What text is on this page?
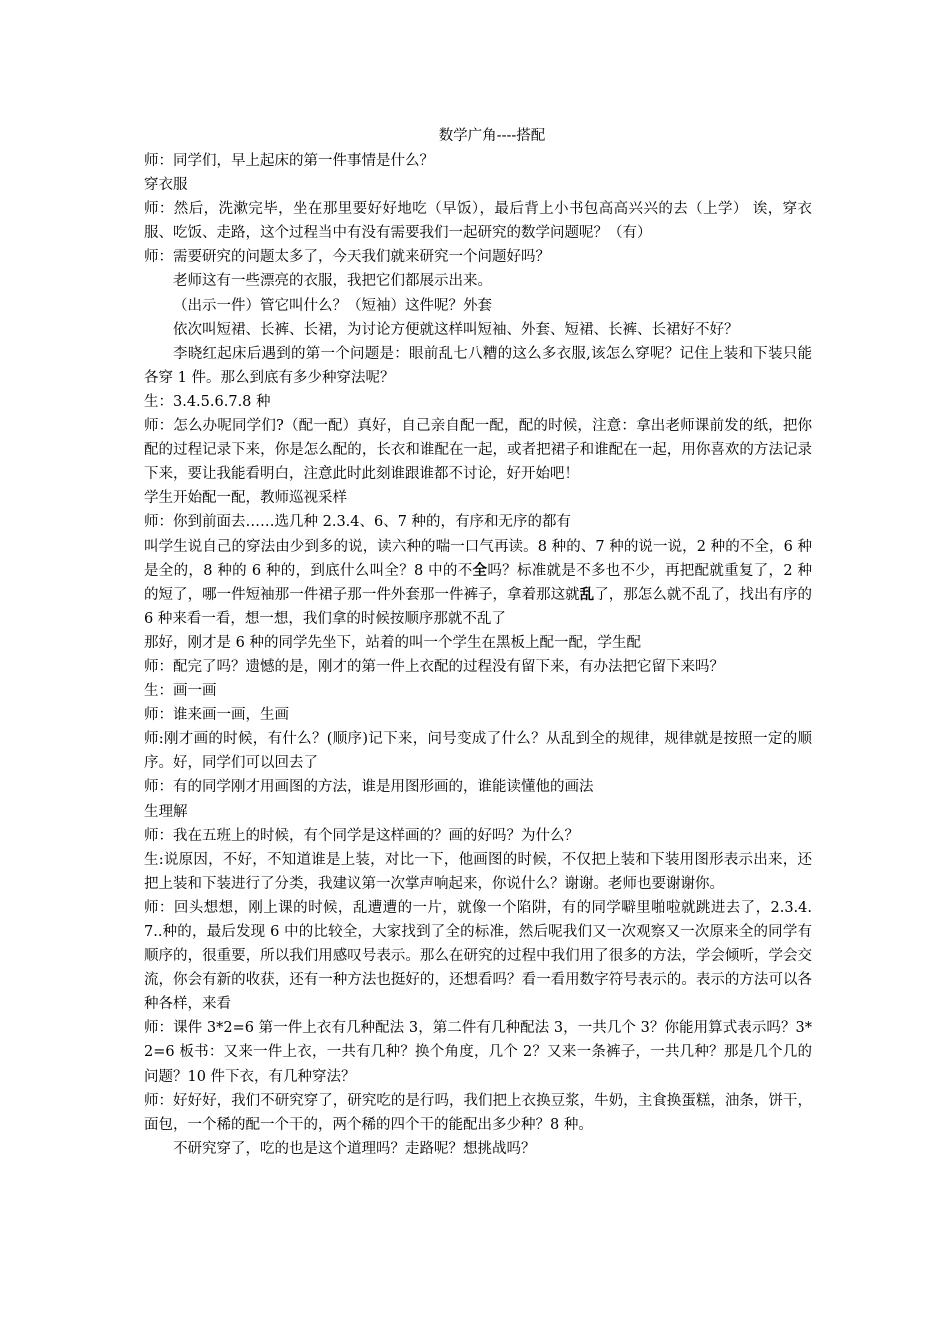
数学广角----搭配

师：同学们，早上起床的第一件事情是什么？

穿衣服

师：然后，洗漱完毕，坐在那里要好好地吃（早饭），最后背上小书包高高兴兴的去（上学） 诶，穿衣服、吃饭、走路，这个过程当中有没有需要我们一起研究的数学问题呢？（有）

师：需要研究的问题太多了，今天我们就来研究一个问题好吗？

老师这有一些漂亮的衣服，我把它们都展示出来。

（出示一件）管它叫什么？（短袖）这件呢？外套

依次叫短裙、长裤、长裙，为讨论方便就这样叫短袖、外套、短裙、长裤、长裙好不好？

李晓红起床后遇到的第一个问题是：眼前乱七八糟的这么多衣服,该怎么穿呢？记住上装和下装只能各穿 1 件。那么到底有多少种穿法呢？

生：3.4.5.6.7.8 种

师：怎么办呢同学们?（配一配）真好，自己亲自配一配，配的时候，注意：拿出老师课前发的纸，把你配的过程记录下来，你是怎么配的，长衣和谁配在一起，或者把裙子和谁配在一起，用你喜欢的方法记录下来，要让我能看明白，注意此时此刻谁跟谁都不讨论，好开始吧！

学生开始配一配，教师巡视采样

师：你到前面去……选几种 2.3.4、6、7 种的，有序和无序的都有

叫学生说自己的穿法由少到多的说，读六种的喘一口气再读。8 种的、7 种的说一说，2 种的不全，6 种是全的，8 种的 6 种的，到底什么叫全？8 中的不全吗？标准就是不多也不少，再把配就重复了，2 种的短了，哪一件短袖那一件裙子那一件外套那一件裤子，拿着那这就乱了，那怎么就不乱了，找出有序的 6 种来看一看，想一想，我们拿的时候按顺序那就不乱了

那好，刚才是 6 种的同学先坐下，站着的叫一个学生在黑板上配一配，学生配

师：配完了吗？遗憾的是，刚才的第一件上衣配的过程没有留下来，有办法把它留下来吗？

生：画一画

师：谁来画一画，生画

师:刚才画的时候，有什么？(顺序)记下来，问号变成了什么？从乱到全的规律，规律就是按照一定的顺序。好，同学们可以回去了

师：有的同学刚才用画图的方法，谁是用图形画的，谁能读懂他的画法

生理解

师：我在五班上的时候，有个同学是这样画的？画的好吗？为什么？

生:说原因，不好，不知道谁是上装，对比一下，他画图的时候，不仅把上装和下装用图形表示出来，还把上装和下装进行了分类，我建议第一次掌声响起来，你说什么？谢谢。老师也要谢谢你。

师：回头想想，刚上课的时候，乱遭遭的一片，就像一个陷阱，有的同学噼里啪啦就跳进去了，2.3.4.7..种的，最后发现 6 中的比较全，大家找到了全的标准，然后呢我们又一次观察又一次原来全的同学有顺序的，很重要，所以我们用感叹号表示。那么在研究的过程中我们用了很多的方法，学会倾听，学会交流，你会有新的收获，还有一种方法也挺好的，还想看吗？看一看用数字符号表示的。表示的方法可以各种各样，来看

师：课件 3*2=6 第一件上衣有几种配法 3，第二件有几种配法 3，一共几个 3？你能用算式表示吗？3*2=6 板书：又来一件上衣，一共有几种？换个角度，几个 2？又来一条裤子，一共几种？那是几个几的问题？10 件下衣，有几种穿法？

师：好好好，我们不研究穿了，研究吃的是行吗，我们把上衣换豆浆，牛奶，主食换蛋糕，油条，饼干，面包，一个稀的配一个干的，两个稀的四个干的能配出多少种？8 种。

不研究穿了，吃的也是这个道理吗？走路呢？想挑战吗？
